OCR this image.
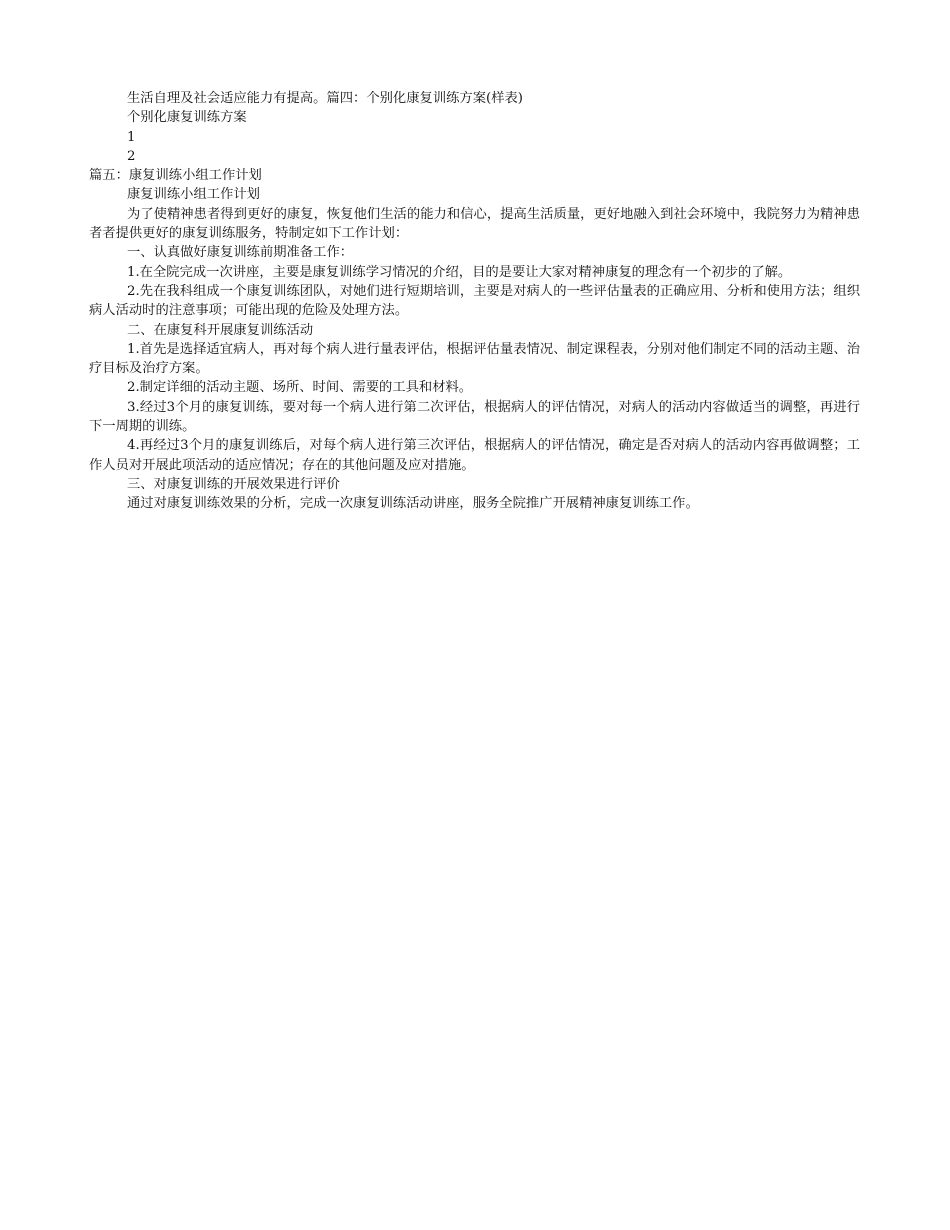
生活自理及社会适应能力有提高。篇四：个别化康复训练方案(样表)

个别化康复训练方案

1

2

篇五：康复训练小组工作计划

康复训练小组工作计划

为了使精神患者得到更好的康复，恢复他们生活的能力和信心，提高生活质量，更好地融入到社会环境中，我院努力为精神患者者提供更好的康复训练服务，特制定如下工作计划：

一、认真做好康复训练前期准备工作：

1.在全院完成一次讲座，主要是康复训练学习情况的介绍，目的是要让大家对精神康复的理念有一个初步的了解。

2.先在我科组成一个康复训练团队，对她们进行短期培训，主要是对病人的一些评估量表的正确应用、分析和使用方法；组织病人活动时的注意事项；可能出现的危险及处理方法。

二、在康复科开展康复训练活动

1.首先是选择适宜病人，再对每个病人进行量表评估，根据评估量表情况、制定课程表，分别对他们制定不同的活动主题、治疗目标及治疗方案。

2.制定详细的活动主题、场所、时间、需要的工具和材料。

3.经过3个月的康复训练，要对每一个病人进行第二次评估，根据病人的评估情况，对病人的活动内容做适当的调整，再进行下一周期的训练。

4.再经过3个月的康复训练后，对每个病人进行第三次评估，根据病人的评估情况，确定是否对病人的活动内容再做调整；工作人员对开展此项活动的适应情况；存在的其他问题及应对措施。

三、对康复训练的开展效果进行评价

通过对康复训练效果的分析，完成一次康复训练活动讲座，服务全院推广开展精神康复训练工作。
